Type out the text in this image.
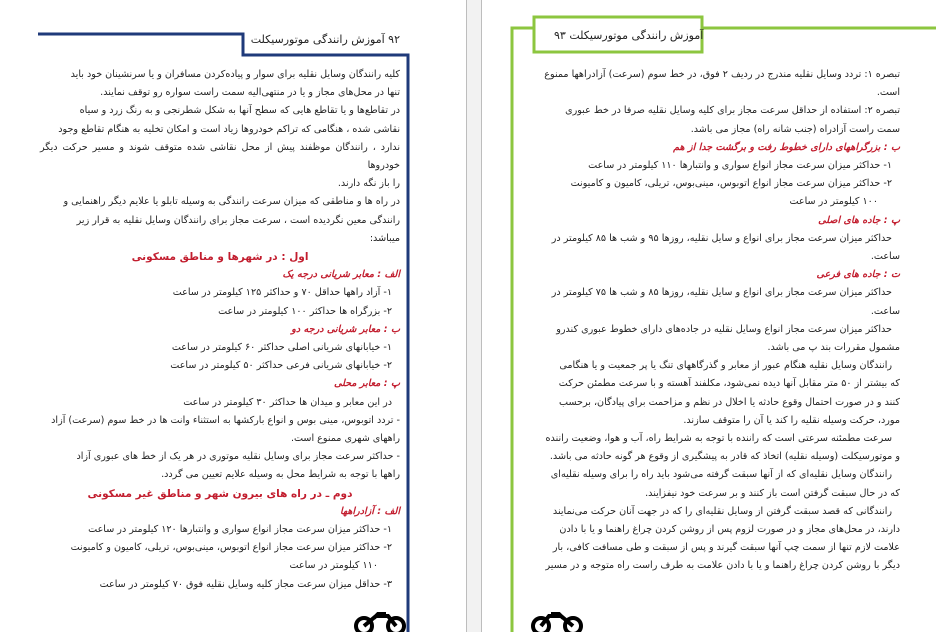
۹۲ آموزش رانندگی موتورسیکلت

کلیه رانندگان وسایل نقلیه برای سوار و پیاده‌کردن مسافران و یا سرنشینان خود باید

تنها در محل‌های مجاز و یا در منتهی‌الیه سمت راست سواره رو توقف نمایند.

در تقاطع‌ها و یا تقاطع هایی که سطح آنها به شکل شطرنجی و به رنگ زرد و سیاه

نقاشی شده ، هنگامی که تراکم خودروها زیاد است و امکان تخلیه به هنگام تقاطع وجود

ندارد ، رانندگان موظفند پیش از محل نقاشی شده متوقف شوند و مسیر حرکت دیگر خودروها

را باز نگه دارند.

در راه ها و مناطقی که میزان سرعت رانندگی به وسیله تابلو یا علایم دیگر راهنمایی و

رانندگی معین نگردیده است ، سرعت مجاز برای رانندگان وسایل نقلیه به قرار زیر

میباشد:

اول : در شهرها و مناطق مسکونی

الف : معابر شریانی درجه یک

۱- آزاد راهها حداقل ۷۰ و حداکثر ۱۲۵ کیلومتر در ساعت

۲- بزرگراه ها حداکثر ۱۰۰ کیلومتر در ساعت

ب : معابر شریانی درجه دو

۱- خیابانهای شریانی اصلی حداکثر ۶۰ کیلومتر در ساعت

۲- خیابانهای شریانی فرعی حداکثر ۵۰ کیلومتر در ساعت

پ : معابر محلی

در این معابر و میدان ها حداکثر ۳۰ کیلومتر در ساعت

- تردد اتوبوس، مینی بوس و انواع بارکشها به استثناء وانت ها در خط سوم (سرعت) آزاد

راههای شهری ممنوع است.

- حداکثر سرعت مجاز برای وسایل نقلیه موتوری در هر یک از خط های عبوری آزاد

راهها با توجه به شرایط محل به وسیله علایم تعیین می گردد.

دوم ـ در راه های بیرون شهر و مناطق غیر مسکونی

الف : آزادراهها

۱- حداکثر میزان سرعت مجاز انواع سواری و وانتبارها ۱۲۰ کیلومتر در ساعت

۲- حداکثر میزان سرعت مجاز انواع اتوبوس، مینی‌بوس، تریلی، کامیون و کامیونت

۱۱۰ کیلومتر در ساعت

۳- حداقل میزان سرعت مجاز کلیه وسایل نقلیه فوق ۷۰ کیلومتر در ساعت

آموزش رانندگی موتورسیکلت ۹۳

تبصره ۱: تردد وسایل نقلیه مندرج در ردیف ۲ فوق، در خط سوم (سرعت) آزادراهها ممنوع

است.

تبصره ۲: استفاده از حداقل سرعت مجاز برای کلیه وسایل نقلیه صرفا در خط عبوری

سمت راست آزادراه (جنب شانه راه) مجاز می باشد.

ب : بزرگراههای دارای خطوط رفت و برگشت جدا از هم

۱- حداکثر میزان سرعت مجاز انواع سواری و وانتبارها ۱۱۰ کیلومتر در ساعت

۲- حداکثر میزان سرعت مجاز انواع اتوبوس، مینی‌بوس، تریلی، کامیون و کامیونت

۱۰۰ کیلومتر در ساعت

پ : جاده های اصلی

حداکثر میزان سرعت مجاز برای انواع و سایل نقلیه، روزها ۹۵ و شب ها ۸۵ کیلومتر در

ساعت.

ت : جاده های فرعی

حداکثر میزان سرعت مجاز برای انواع و سایل نقلیه، روزها ۸۵ و شب ها ۷۵ کیلومتر در

ساعت.

حداکثر میزان سرعت مجاز انواع وسایل نقلیه در جاده‌های دارای خطوط عبوری کندرو

مشمول مقررات بند پ می باشد.

رانندگان وسایل نقلیه هنگام عبور از معابر و گذرگاههای تنگ یا پر جمعیت و یا هنگامی

که بیشتر از ۵۰ متر مقابل آنها دیده نمی‌شود، مکلفند آهسته و با سرعت مطمئن حرکت

کنند و در صورت احتمال وقوع حادثه یا اخلال در نظم و مزاحمت برای پیادگان، برحسب

مورد، حرکت وسیله نقلیه را کند یا آن را متوقف سازند.

سرعت مطمئنه سرعتی است که راننده با توجه به شرایط راه، آب و هوا، وضعیت راننده

و موتورسیکلت (وسیله نقلیه) اتخاذ که قادر به پیشگیری از وقوع هر گونه حادثه می باشد.

رانندگان وسایل نقلیه‌ای که از آنها سبقت گرفته می‌شود باید راه را برای وسیله نقلیه‌ای

که در حال سبقت گرفتن است باز کنند و بر سرعت خود نیفزایند.

رانندگانی که قصد سبقت گرفتن از وسایل نقلیه‌ای را که در جهت آنان حرکت می‌نمایند

دارند، در محل‌های مجاز و در صورت لزوم پس از روشن کردن چراغ راهنما و یا با دادن

علامت لازم تنها از سمت چپ آنها سبقت گیرند و پس از سبقت و طی مسافت کافی، بار

دیگر با روشن کردن چراغ راهنما و یا با دادن علامت به طرف راست راه متوجه و در مسیر
